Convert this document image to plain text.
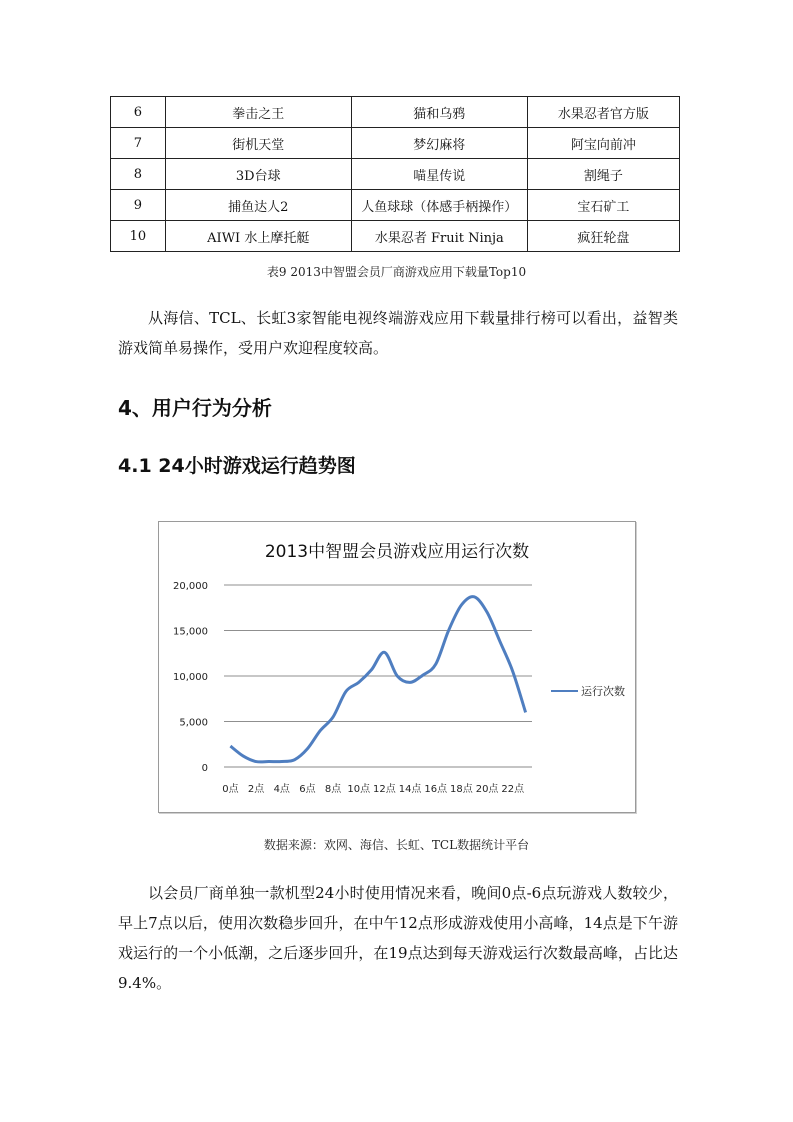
6	拳击之王	猫和乌鸦	水果忍者官方版
7	街机天堂	梦幻麻将	阿宝向前冲
8	3D台球	喵星传说	割绳子
9	捕鱼达人2	人鱼球球（体感手柄操作）	宝石矿工
10	AIWI 水上摩托艇	水果忍者 Fruit Ninja	疯狂轮盘
表9 2013中智盟会员厂商游戏应用下载量Top10

从海信、TCL、长虹3家智能电视终端游戏应用下载量排行榜可以看出，益智类游戏简单易操作，受用户欢迎程度较高。

4、用户行为分析
4.1 24小时游戏运行趋势图
2013中智盟会员游戏应用运行次数
0
5,000
10,000
15,000
20,000
0点 2点 4点 6点 8点 10点 12点 14点 16点 18点 20点 22点
运行次数
数据来源：欢网、海信、长虹、TCL数据统计平台

以会员厂商单独一款机型24小时使用情况来看，晚间0点-6点玩游戏人数较少，早上7点以后，使用次数稳步回升，在中午12点形成游戏使用小高峰，14点是下午游戏运行的一个小低潮，之后逐步回升，在19点达到每天游戏运行次数最高峰，占比达9.4%。
